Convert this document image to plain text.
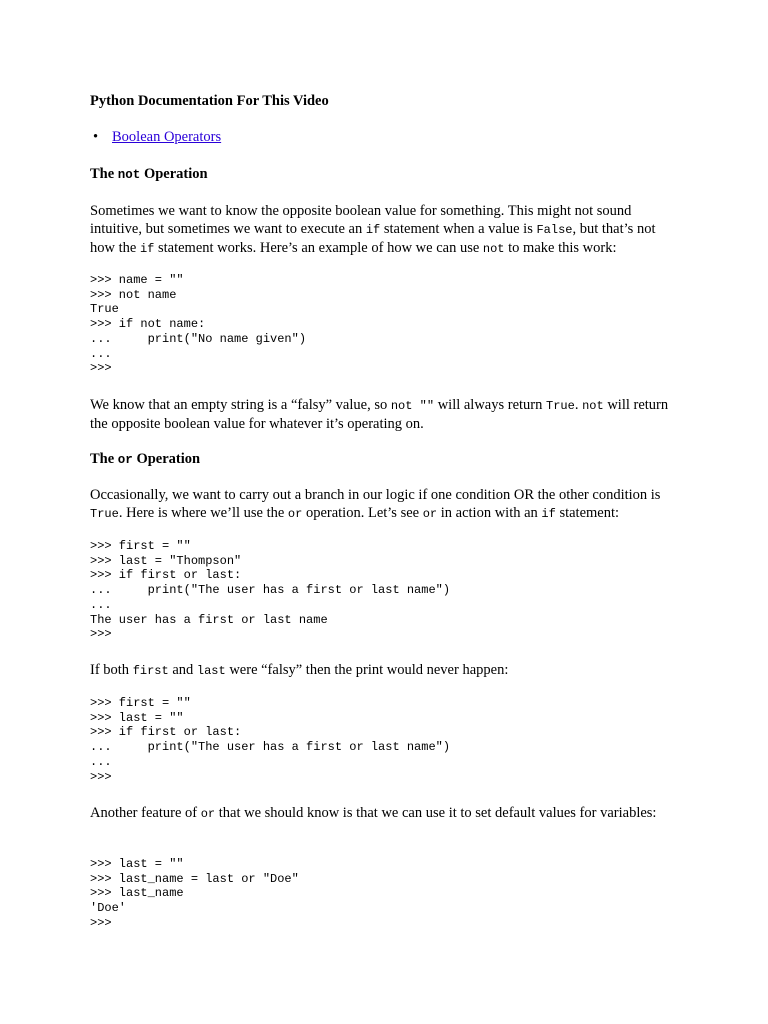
Python Documentation For This Video
• Boolean Operators
The not Operation

Sometimes we want to know the opposite boolean value for something. This might not sound intuitive, but sometimes we want to execute an if statement when a value is False, but that’s not how the if statement works. Here’s an example of how we can use not to make this work:

>>> name = ""
>>> not name
True
>>> if not name:
...     print("No name given")
...
>>>

We know that an empty string is a “falsy” value, so not "" will always return True. not will return the opposite boolean value for whatever it’s operating on.

The or Operation

Occasionally, we want to carry out a branch in our logic if one condition OR the other condition is True. Here is where we’ll use the or operation. Let’s see or in action with an if statement:

>>> first = ""
>>> last = "Thompson"
>>> if first or last:
...     print("The user has a first or last name")
...
The user has a first or last name
>>>

If both first and last were “falsy” then the print would never happen:

>>> first = ""
>>> last = ""
>>> if first or last:
...     print("The user has a first or last name")
...
>>>

Another feature of or that we should know is that we can use it to set default values for variables:

>>> last = ""
>>> last_name = last or "Doe"
>>> last_name
'Doe'
>>>
